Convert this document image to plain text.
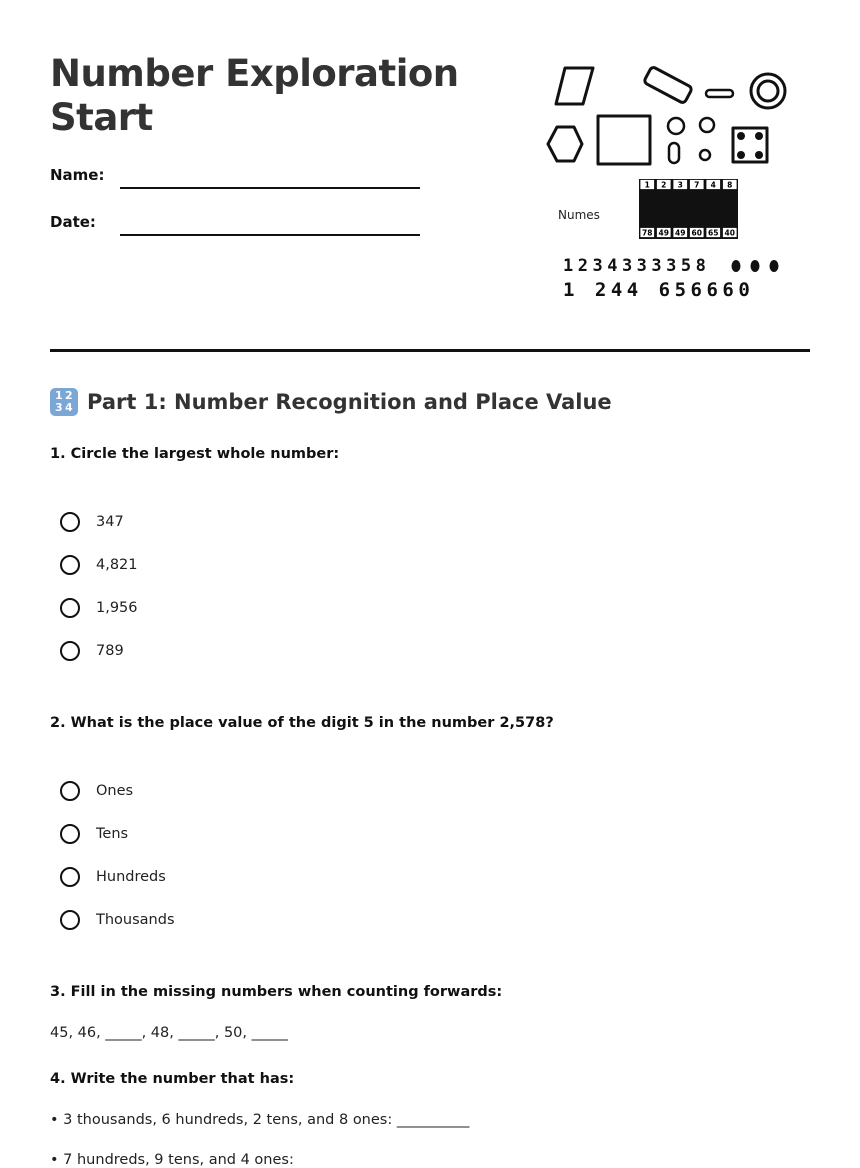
Number Exploration Start
Name:
Date:
1 2 3 7 4 8
78 49 49 60 65 40
Numes
1234333358
1 244 656660
1 2
3 4 Part 1: Number Recognition and Place Value
1. Circle the largest whole number:
347
4,821
1,956
789
2. What is the place value of the digit 5 in the number 2,578?
Ones
Tens
Hundreds
Thousands
3. Fill in the missing numbers when counting forwards:
45, 46, _____, 48, _____, 50, _____
4. Write the number that has:
• 3 thousands, 6 hundreds, 2 tens, and 8 ones: __________
• 7 hundreds, 9 tens, and 4 ones:
